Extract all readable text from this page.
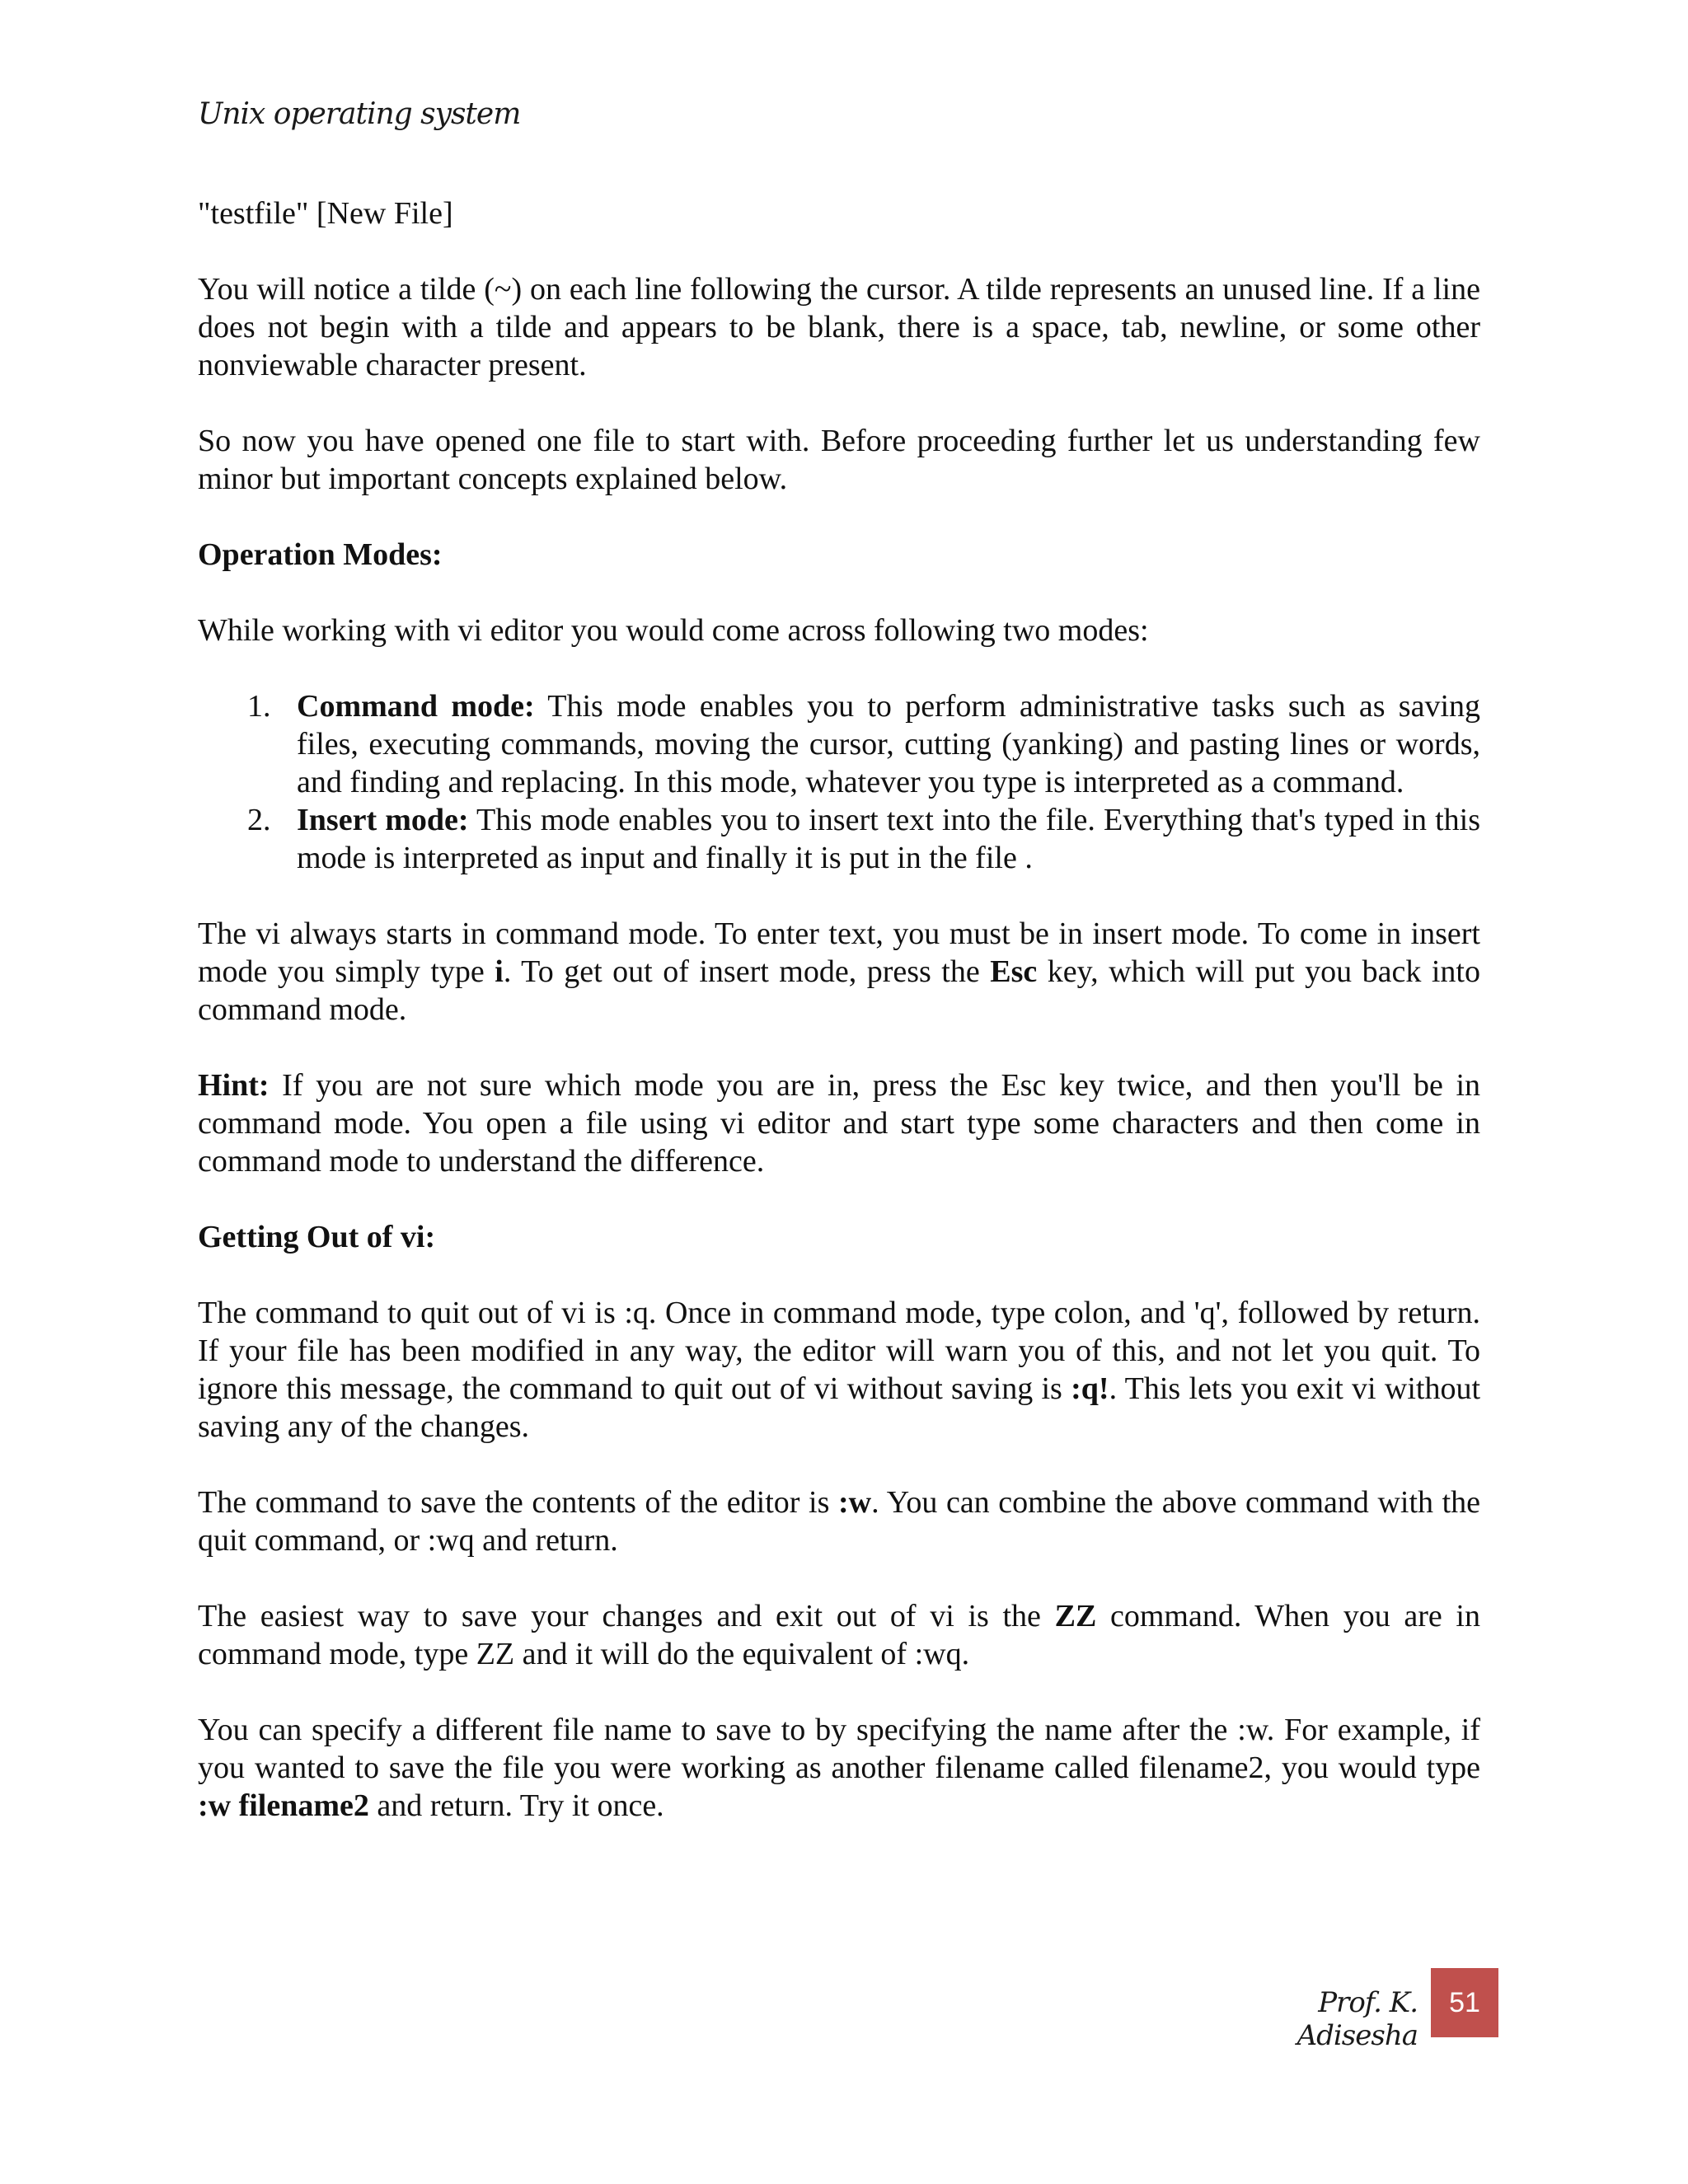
Unix operating system

"testfile" [New File]

You will notice a tilde (~) on each line following the cursor. A tilde represents an unused line. If a line does not begin with a tilde and appears to be blank, there is a space, tab, newline, or some other nonviewable character present.

So now you have opened one file to start with. Before proceeding further let us understanding few minor but important concepts explained below.

Operation Modes:

While working with vi editor you would come across following two modes:

1. Command mode: This mode enables you to perform administrative tasks such as saving files, executing commands, moving the cursor, cutting (yanking) and pasting lines or words, and finding and replacing. In this mode, whatever you type is interpreted as a command.
2. Insert mode: This mode enables you to insert text into the file. Everything that's typed in this mode is interpreted as input and finally it is put in the file .

The vi always starts in command mode. To enter text, you must be in insert mode. To come in insert mode you simply type i. To get out of insert mode, press the Esc key, which will put you back into command mode.

Hint: If you are not sure which mode you are in, press the Esc key twice, and then you'll be in command mode. You open a file using vi editor and start type some characters and then come in command mode to understand the difference.

Getting Out of vi:

The command to quit out of vi is :q. Once in command mode, type colon, and 'q', followed by return. If your file has been modified in any way, the editor will warn you of this, and not let you quit. To ignore this message, the command to quit out of vi without saving is :q!. This lets you exit vi without saving any of the changes.

The command to save the contents of the editor is :w. You can combine the above command with the quit command, or :wq and return.

The easiest way to save your changes and exit out of vi is the ZZ command. When you are in command mode, type ZZ and it will do the equivalent of :wq.

You can specify a different file name to save to by specifying the name after the :w. For example, if you wanted to save the file you were working as another filename called filename2, you would type :w filename2 and return. Try it once.

Prof. K. Adisesha
51
